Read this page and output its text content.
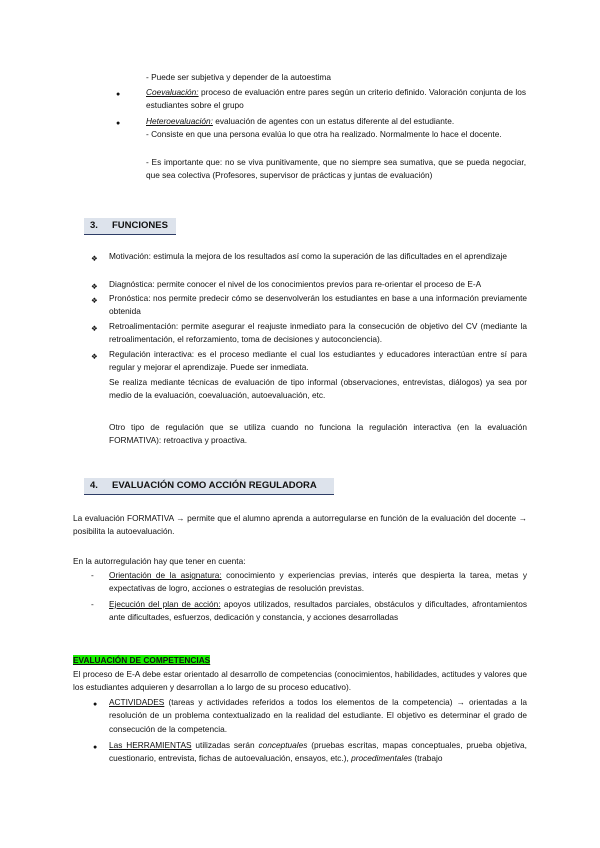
- Puede ser subjetiva y depender de la autoestima

●	Coevaluación: proceso de evaluación entre pares según un criterio definido. Valoración conjunta de los estudiantes sobre el grupo

●	Heteroevaluación: evaluación de agentes con un estatus diferente al del estudiante.

- Consiste en que una persona evalúa lo que otra ha realizado. Normalmente lo hace el docente.

- Es importante que: no se viva punitivamente, que no siempre sea sumativa, que se pueda negociar, que sea colectiva (Profesores, supervisor de prácticas y juntas de evaluación)

3. FUNCIONES
❖ Motivación: estimula la mejora de los resultados así como la superación de las dificultades en el aprendizaje

❖ Diagnóstica: permite conocer el nivel de los conocimientos previos para re-orientar el proceso de E-A

❖ Pronóstica: nos permite predecir cómo se desenvolverán los estudiantes en base a una información previamente obtenida

❖ Retroalimentación: permite asegurar el reajuste inmediato para la consecución de objetivo del CV (mediante la retroalimentación, el reforzamiento, toma de decisiones y autoconciencia).

❖ Regulación interactiva: es el proceso mediante el cual los estudiantes y educadores interactúan entre sí para regular y mejorar el aprendizaje. Puede ser inmediata.

Se realiza mediante técnicas de evaluación de tipo informal (observaciones, entrevistas, diálogos) ya sea por medio de la evaluación, coevaluación, autoevaluación, etc.

Otro tipo de regulación que se utiliza cuando no funciona la regulación interactiva (en la evaluación FORMATIVA): retroactiva y proactiva.

4. EVALUACIÓN COMO ACCIÓN REGULADORA

La evaluación FORMATIVA → permite que el alumno aprenda a autorregularse en función de la evaluación del docente → posibilita la autoevaluación.

En la autorregulación hay que tener en cuenta:

- Orientación de la asignatura: conocimiento y experiencias previas, interés que despierta la tarea, metas y expectativas de logro, acciones o estrategias de resolución previstas.

- Ejecución del plan de acción: apoyos utilizados, resultados parciales, obstáculos y dificultades, afrontamientos ante dificultades, esfuerzos, dedicación y constancia, y acciones desarrolladas

EVALUACIÓN DE COMPETENCIAS

El proceso de E-A debe estar orientado al desarrollo de competencias (conocimientos, habilidades, actitudes y valores que los estudiantes adquieren y desarrollan a lo largo de su proceso educativo).

● ACTIVIDADES (tareas y actividades referidos a todos los elementos de la competencia) → orientadas a la resolución de un problema contextualizado en la realidad del estudiante. El objetivo es determinar el grado de consecución de la competencia.

● Las HERRAMIENTAS utilizadas serán conceptuales (pruebas escritas, mapas conceptuales, prueba objetiva, cuestionario, entrevista, fichas de autoevaluación, ensayos, etc.), procedimentales (trabajo
